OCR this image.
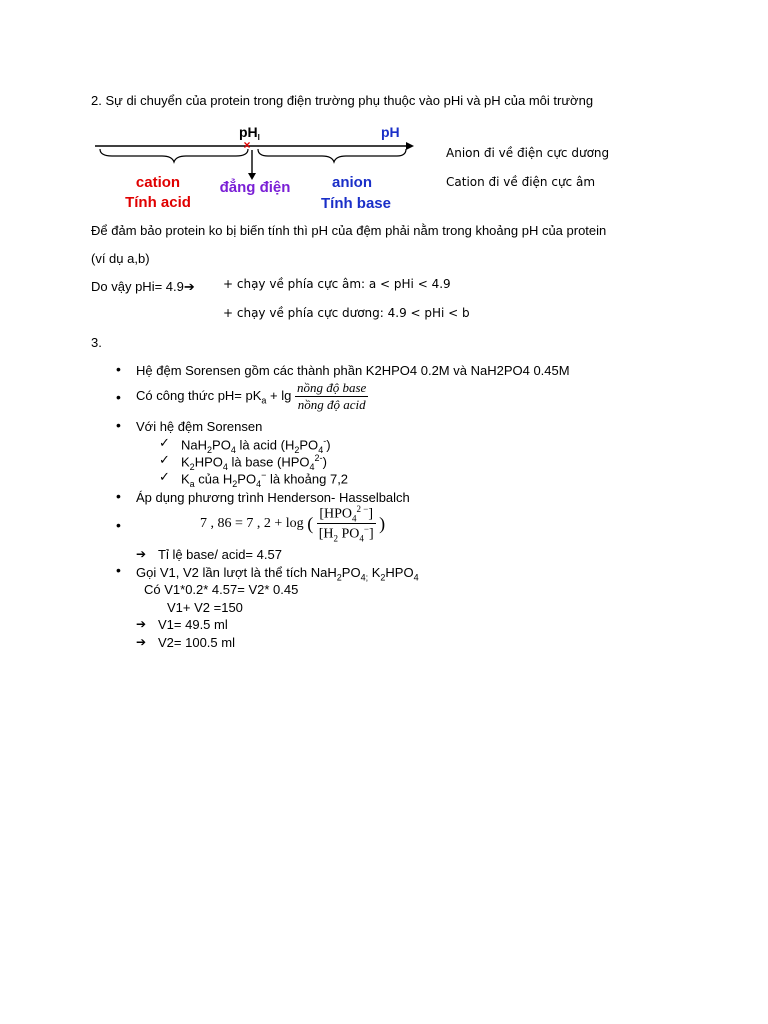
2. Sự di chuyển của protein trong điện trường phụ thuộc vào pHi và pH của môi trường
×
$pH_I$	pH
cation
Tính acid
đẳng điện	anion
Tính base
Anion đi về điện cực dương
Cation đi về điện cực âm
Để đảm bảo protein ko bị biến tính thì pH của đệm phải nằm trong khoảng pH của protein
(ví dụ a,b)
Do vậy pHi= 4.9➔ + chạy về phía cực âm: a < pHi < 4.9
+ chạy về phía cực dương: 4.9 < pHi < b
3.
• Hệ đệm Sorensen gồm các thành phần K2HPO4 0.2M và NaH2PO4 0.45M
• Có công thức $pH= pK_a + \lg \frac{\text{nồng độ base}}{\text{nồng độ acid}}$
• Với hệ đệm Sorensen
✓ $NaH_2PO_4$ là acid $(H_2PO_4^-)$
✓ $K_2HPO_4$ là base $(HPO_4^{2-})$
✓ $K_a$ của $H_2PO_4^-$ là khoảng 7,2
• Áp dụng phương trình Henderson- Hasselbalch
•	7 , 86 = 7 , 2 + log ( $\frac{[HPO_4^{2 -}]}{[H_2 PO_4^-]}$ )
➔ Tỉ lệ base/ acid= 4.57
• Gọi V1, V2 lần lượt là thể tích $NaH_2PO_{4;}$ $K_2HPO_4$
Có V1*0.2* 4.57= V2* 0.45
V1+ V2 =150
➔ V1= 49.5 ml
➔ V2= 100.5 ml
